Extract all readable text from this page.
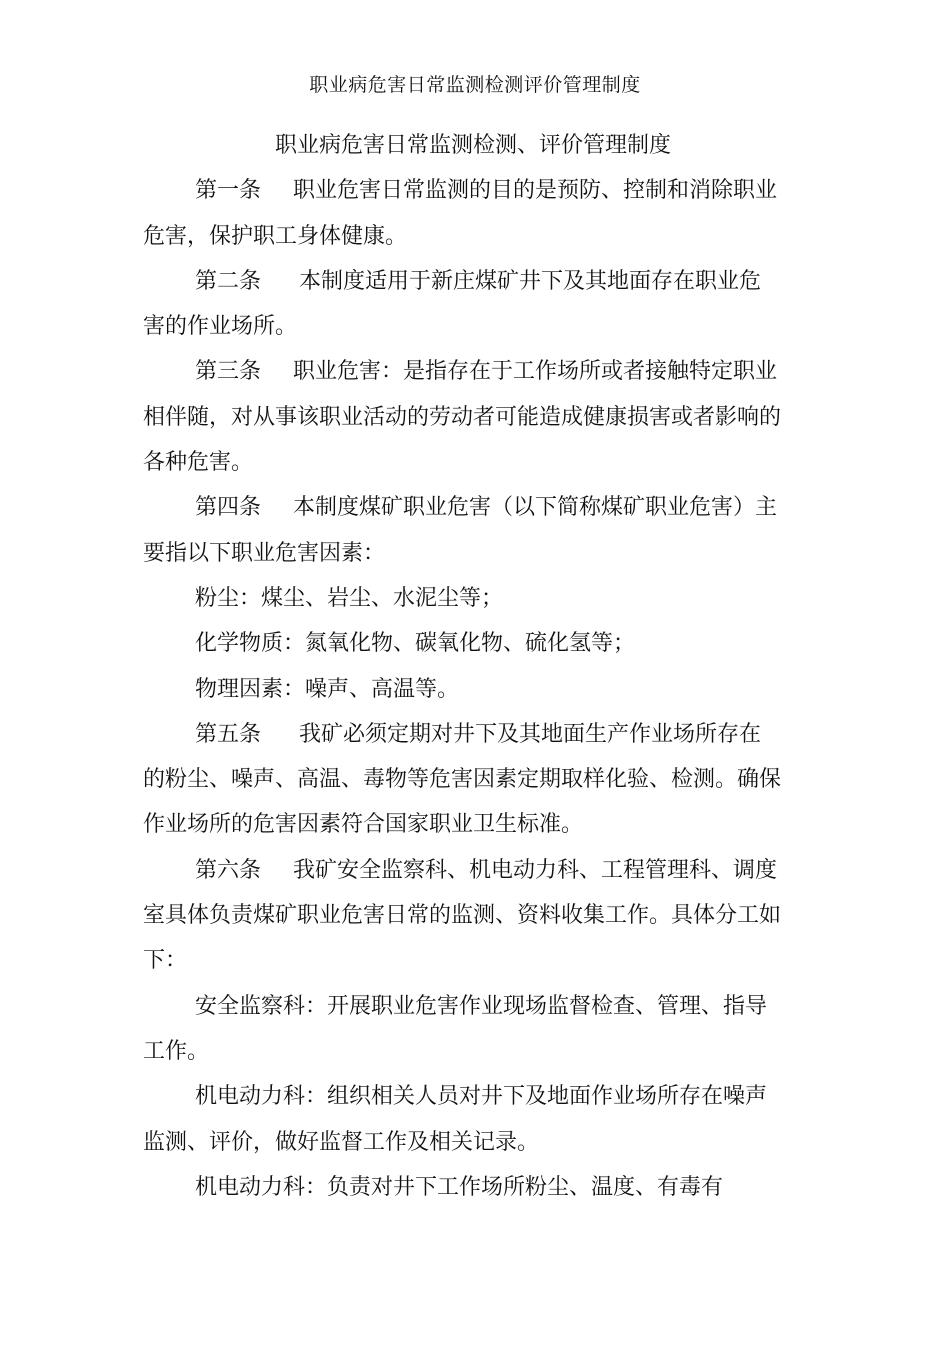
职业病危害日常监测检测评价管理制度

职业病危害日常监测检测、评价管理制度

第一条 职业危害日常监测的目的是预防、控制和消除职业危害，保护职工身体健康。

第二条 本制度适用于新庄煤矿井下及其地面存在职业危害的作业场所。

第三条 职业危害：是指存在于工作场所或者接触特定职业相伴随，对从事该职业活动的劳动者可能造成健康损害或者影响的各种危害。

第四条 本制度煤矿职业危害（以下简称煤矿职业危害）主要指以下职业危害因素：

粉尘：煤尘、岩尘、水泥尘等；

化学物质：氮氧化物、碳氧化物、硫化氢等；

物理因素：噪声、高温等。

第五条 我矿必须定期对井下及其地面生产作业场所存在的粉尘、噪声、高温、毒物等危害因素定期取样化验、检测。确保作业场所的危害因素符合国家职业卫生标准。

第六条 我矿安全监察科、机电动力科、工程管理科、调度室具体负责煤矿职业危害日常的监测、资料收集工作。具体分工如下：

安全监察科：开展职业危害作业现场监督检查、管理、指导工作。

机电动力科：组织相关人员对井下及地面作业场所存在噪声监测、评价，做好监督工作及相关记录。

机电动力科：负责对井下工作场所粉尘、温度、有毒有
